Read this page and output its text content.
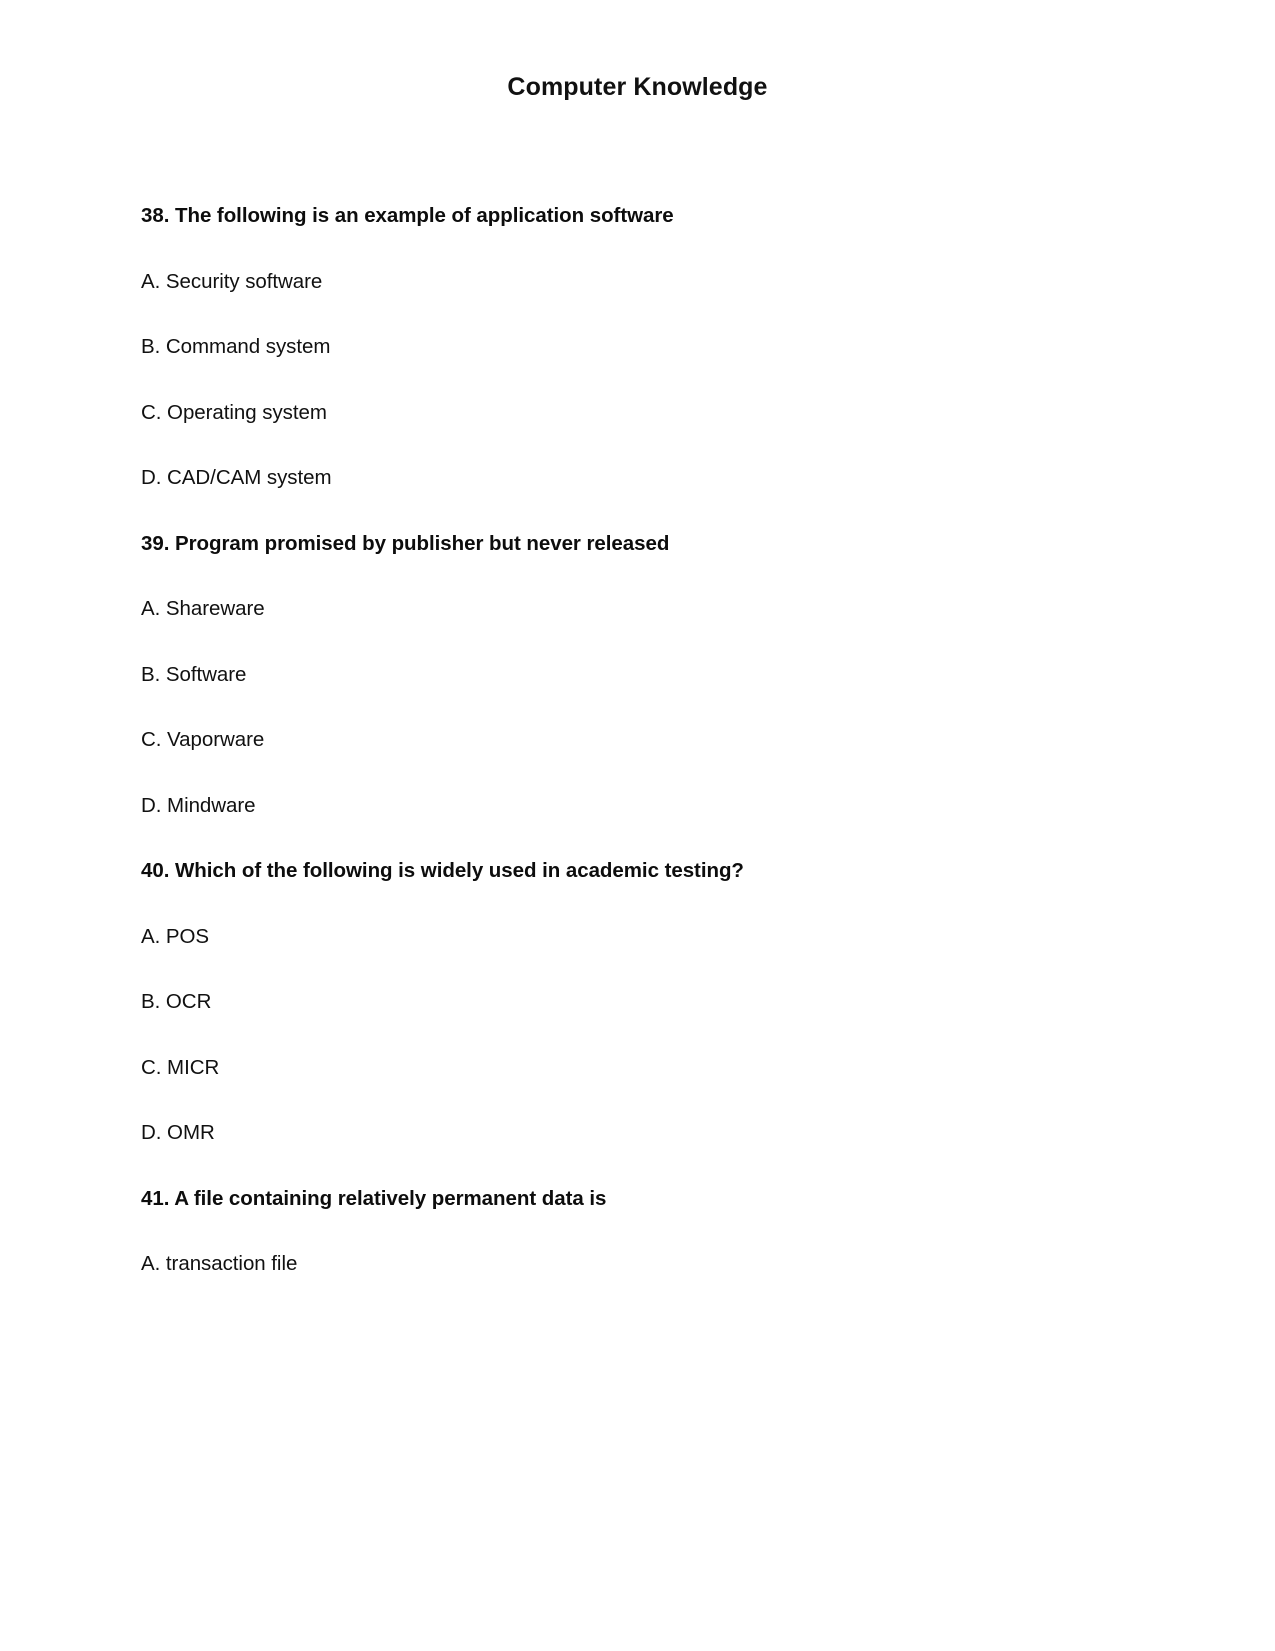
Computer Knowledge

38. The following is an example of application software

A. Security software

B. Command system

C. Operating system

D. CAD/CAM system

39. Program promised by publisher but never released

A. Shareware

B. Software

C. Vaporware

D. Mindware

40. Which of the following is widely used in academic testing?

A. POS

B. OCR

C. MICR

D. OMR

41. A file containing relatively permanent data is

A. transaction file
